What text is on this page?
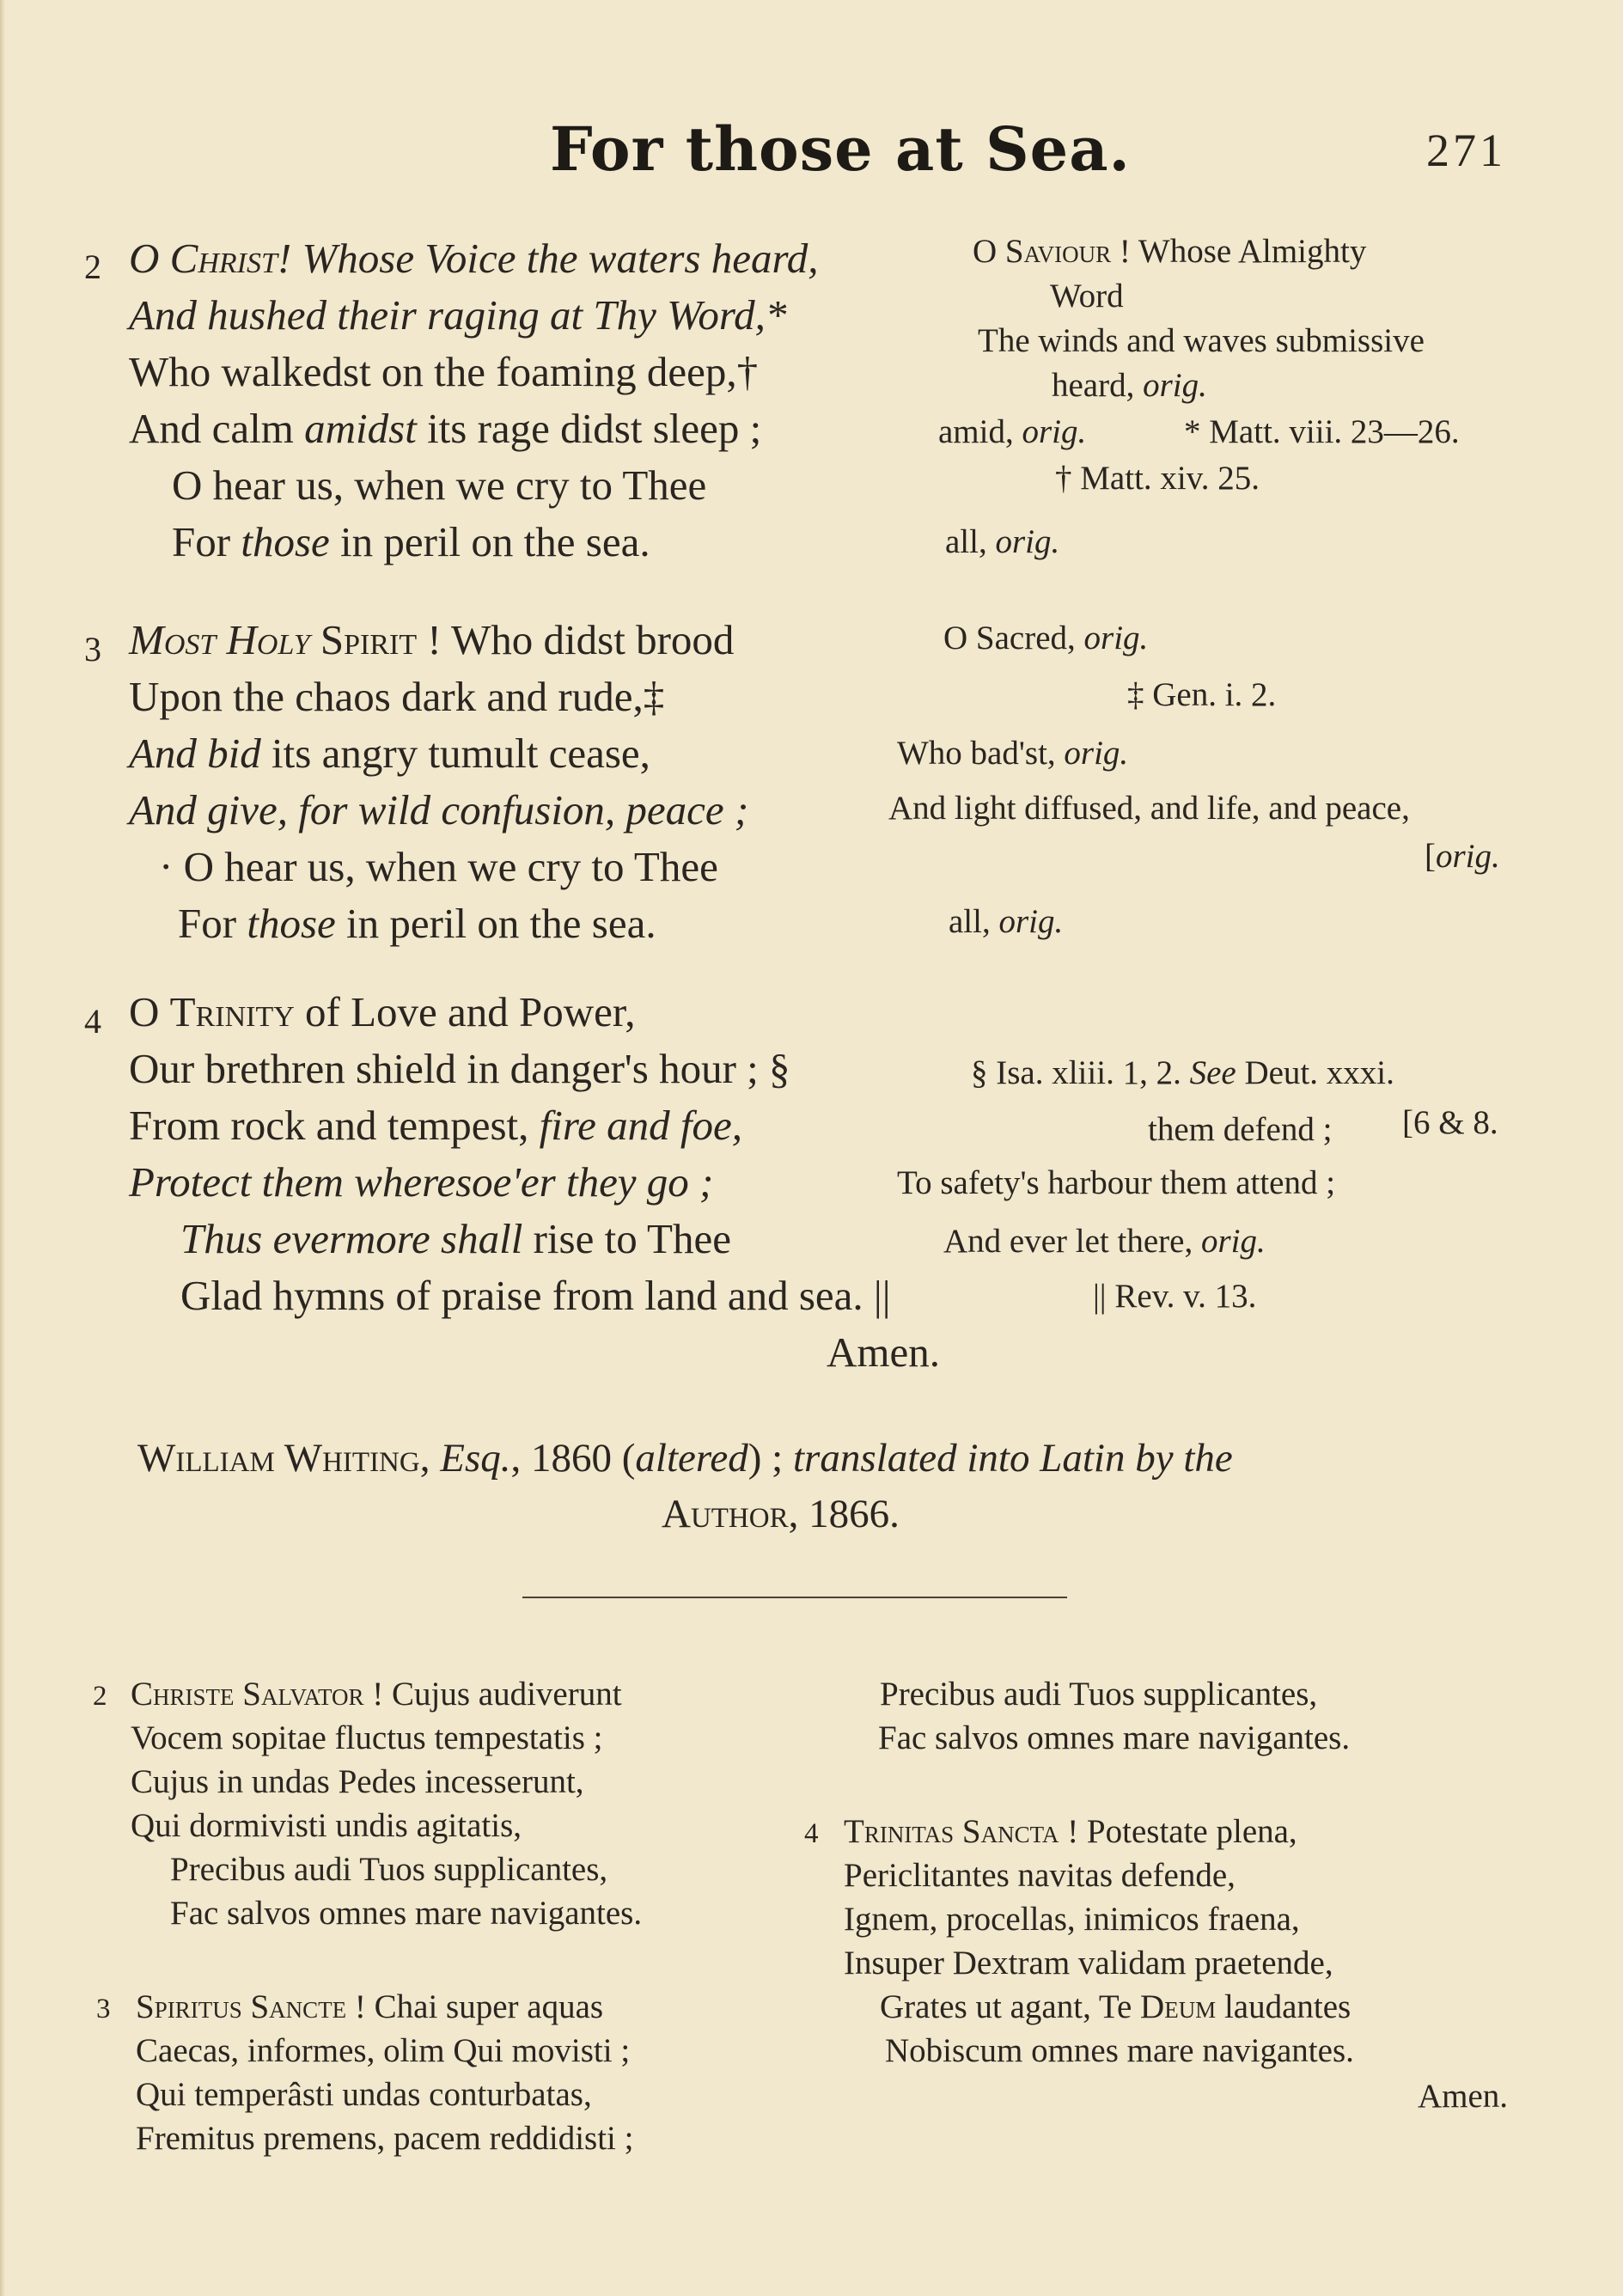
For those at Sea.	271
2 O Christ! Whose Voice the waters heard,
And hushed their raging at Thy Word,*
Who walkedst on the foaming deep,†
And calm amidst its rage didst sleep ;
O hear us, when we cry to Thee
For those in peril on the sea.
3 Most Holy Spirit ! Who didst brood
Upon the chaos dark and rude,‡
And bid its angry tumult cease,
And give, for wild confusion, peace ;
· O hear us, when we cry to Thee
For those in peril on the sea.
4 O Trinity of Love and Power,
Our brethren shield in danger's hour ; §
From rock and tempest, fire and foe,
Protect them wheresoe'er they go ;
Thus evermore shall rise to Thee
Glad hymns of praise from land and sea. ||
Amen.
O Saviour ! Whose Almighty
Word
The winds and waves submissive
heard, orig.
amid, orig.	* Matt. viii. 23—26.
† Matt. xiv. 25.
all, orig.
O Sacred, orig.
‡ Gen. i. 2.
Who bad'st, orig.
And light diffused, and life, and peace,
[orig.
all, orig.
§ Isa. xliii. 1, 2. See Deut. xxxi.
them defend ; [6 & 8.
To safety's harbour them attend ;
And ever let there, orig.
|| Rev. v. 13.
William Whiting, Esq., 1860 (altered) ; translated into Latin by the
Author, 1866.
2 Christe Salvator ! Cujus audiverunt
Vocem sopitae fluctus tempestatis ;
Cujus in undas Pedes incesserunt,
Qui dormivisti undis agitatis,
Precibus audi Tuos supplicantes,
Fac salvos omnes mare navigantes.
3 Spiritus Sancte ! Chai super aquas
Caecas, informes, olim Qui movisti ;
Qui temperâsti undas conturbatas,
Fremitus premens, pacem reddidisti ;
Precibus audi Tuos supplicantes,
Fac salvos omnes mare navigantes.
4 Trinitas Sancta ! Potestate plena,
Periclitantes navitas defende,
Ignem, procellas, inimicos fraena,
Insuper Dextram validam praetende,
Grates ut agant, Te Deum laudantes
Nobiscum omnes mare navigantes.
Amen.
